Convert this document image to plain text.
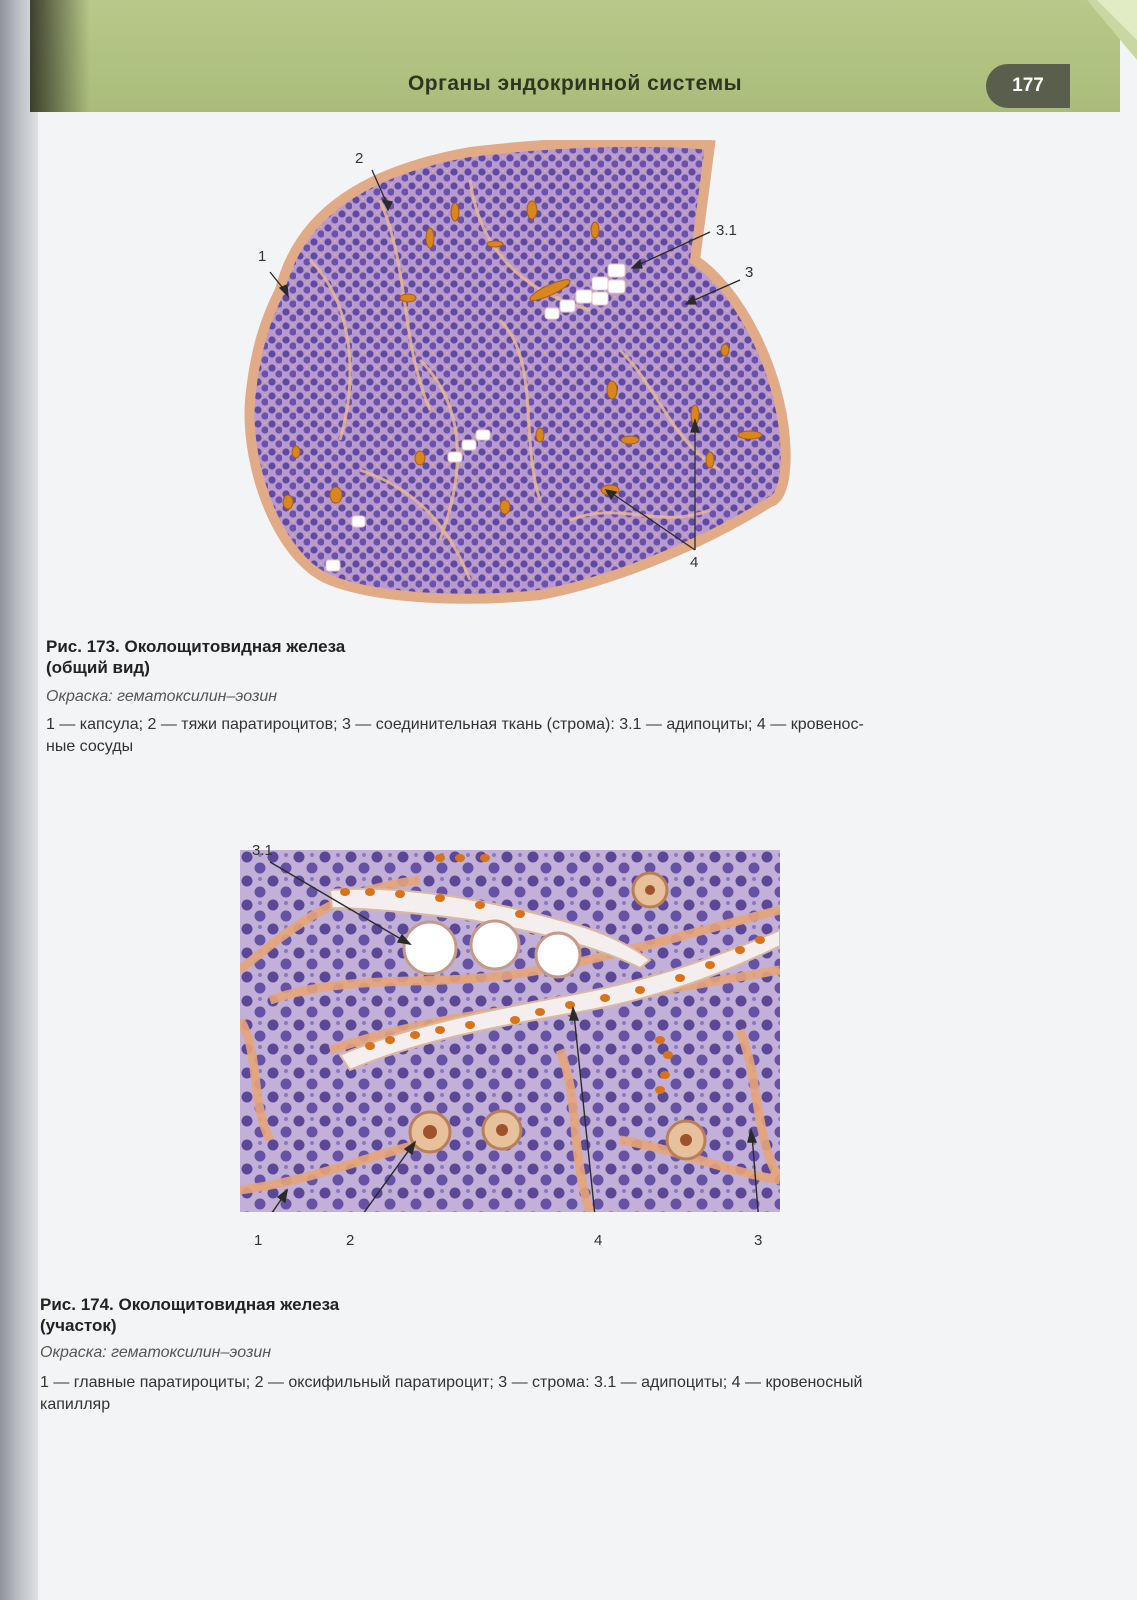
Органы эндокринной системы	177
2
1
3.1
3
4
Рис. 173. Околощитовидная железа
(общий вид)
Окраска: гематоксилин–эозин
1 — капсула; 2 — тяжи паратироцитов; 3 — соединительная ткань (строма): 3.1 — адипоциты; 4 — кровенос-
ные сосуды
3.1
1	2	4	3
Рис. 174. Околощитовидная железа
(участок)
Окраска: гематоксилин–эозин
1 — главные паратироциты; 2 — оксифильный паратироцит; 3 — строма: 3.1 — адипоциты; 4 — кровеносный
капилляр
